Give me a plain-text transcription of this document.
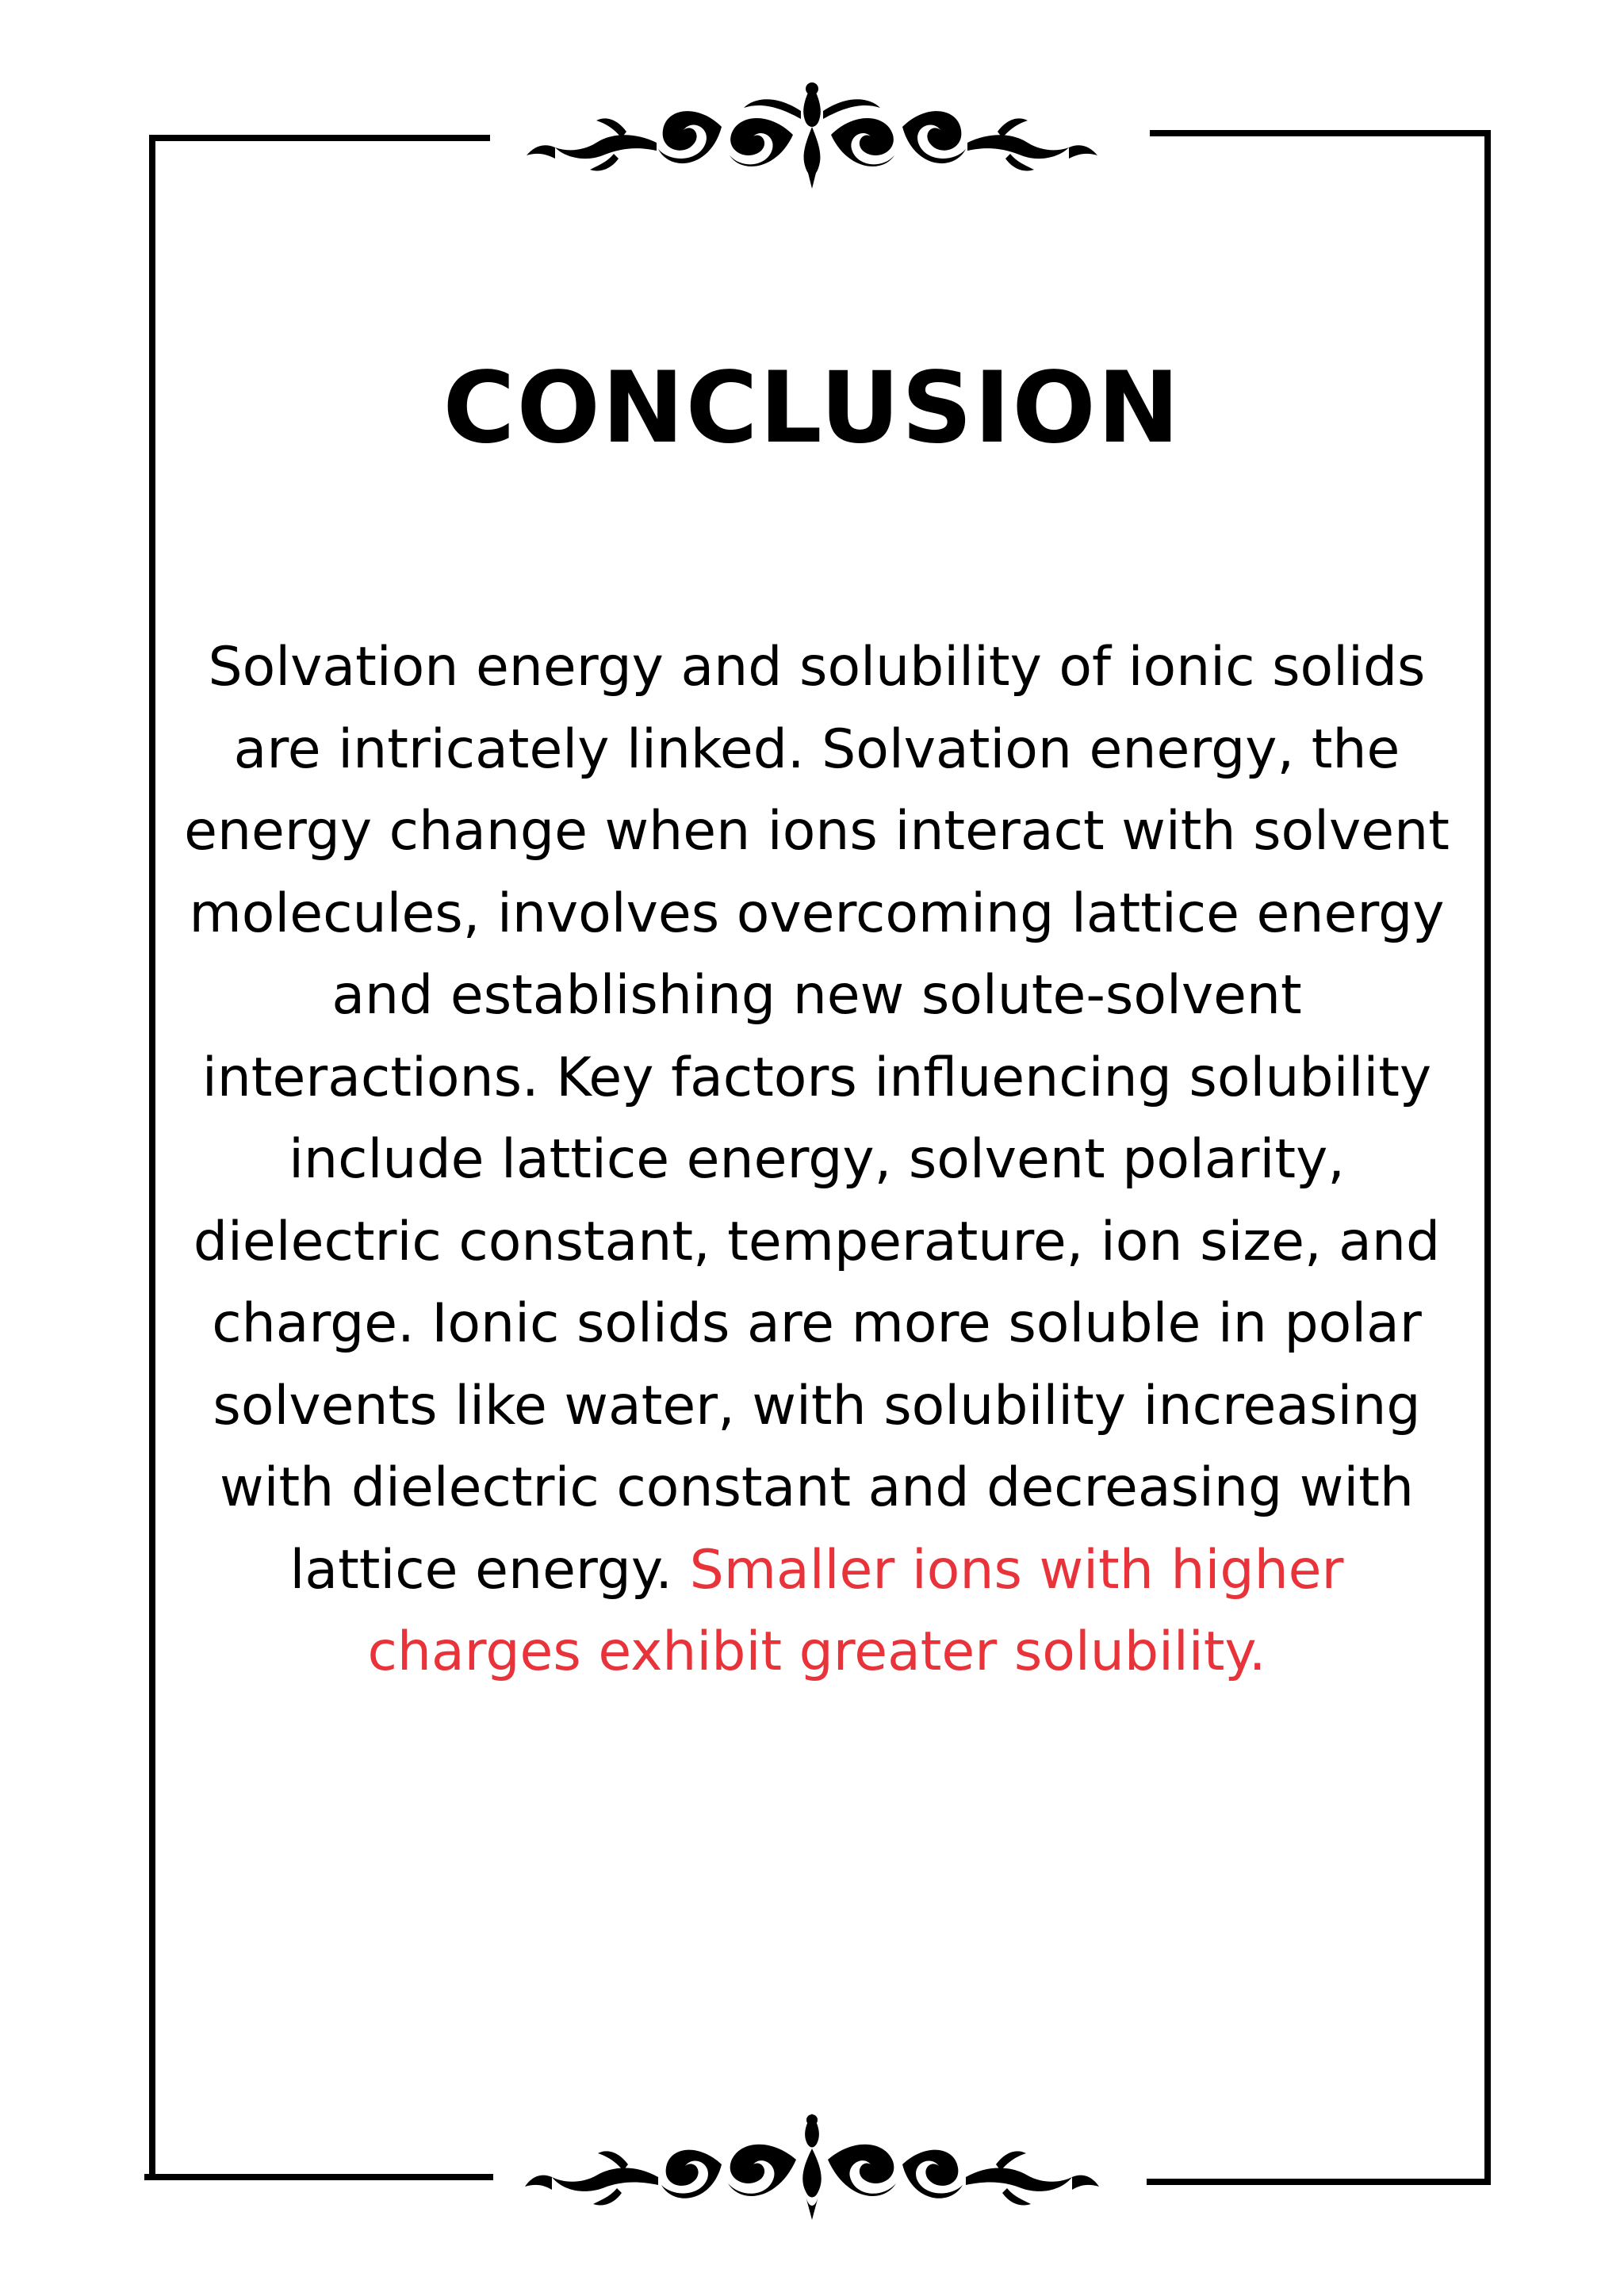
CONCLUSION

Solvation energy and solubility of ionic solids are intricately linked. Solvation energy, the energy change when ions interact with solvent molecules, involves overcoming lattice energy and establishing new solute-solvent interactions. Key factors influencing solubility include lattice energy, solvent polarity, dielectric constant, temperature, ion size, and charge. Ionic solids are more soluble in polar solvents like water, with solubility increasing with dielectric constant and decreasing with lattice energy. Smaller ions with higher charges exhibit greater solubility.
